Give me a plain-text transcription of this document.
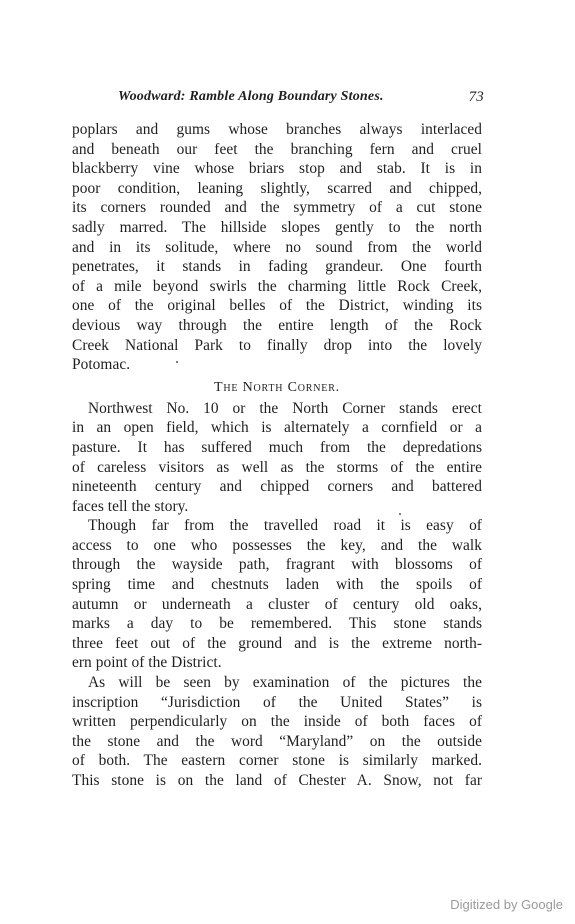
Woodward: Ramble Along Boundary Stones.	73
poplars and gums whose branches always interlaced
and beneath our feet the branching fern and cruel
blackberry vine whose briars stop and stab. It is in
poor condition, leaning slightly, scarred and chipped,
its corners rounded and the symmetry of a cut stone
sadly marred. The hillside slopes gently to the north
and in its solitude, where no sound from the world
penetrates, it stands in fading grandeur. One fourth
of a mile beyond swirls the charming little Rock Creek,
one of the original belles of the District, winding its
devious way through the entire length of the Rock
Creek National Park to finally drop into the lovely
Potomac.
The North Corner.
Northwest No. 10 or the North Corner stands erect
in an open field, which is alternately a cornfield or a
pasture. It has suffered much from the depredations
of careless visitors as well as the storms of the entire
nineteenth century and chipped corners and battered
faces tell the story.
Though far from the travelled road it is easy of
access to one who possesses the key, and the walk
through the wayside path, fragrant with blossoms of
spring time and chestnuts laden with the spoils of
autumn or underneath a cluster of century old oaks,
marks a day to be remembered. This stone stands
three feet out of the ground and is the extreme north-
ern point of the District.
As will be seen by examination of the pictures the
inscription “Jurisdiction of the United States” is
written perpendicularly on the inside of both faces of
the stone and the word “Maryland” on the outside
of both. The eastern corner stone is similarly marked.
This stone is on the land of Chester A. Snow, not far
Digitized by Google
